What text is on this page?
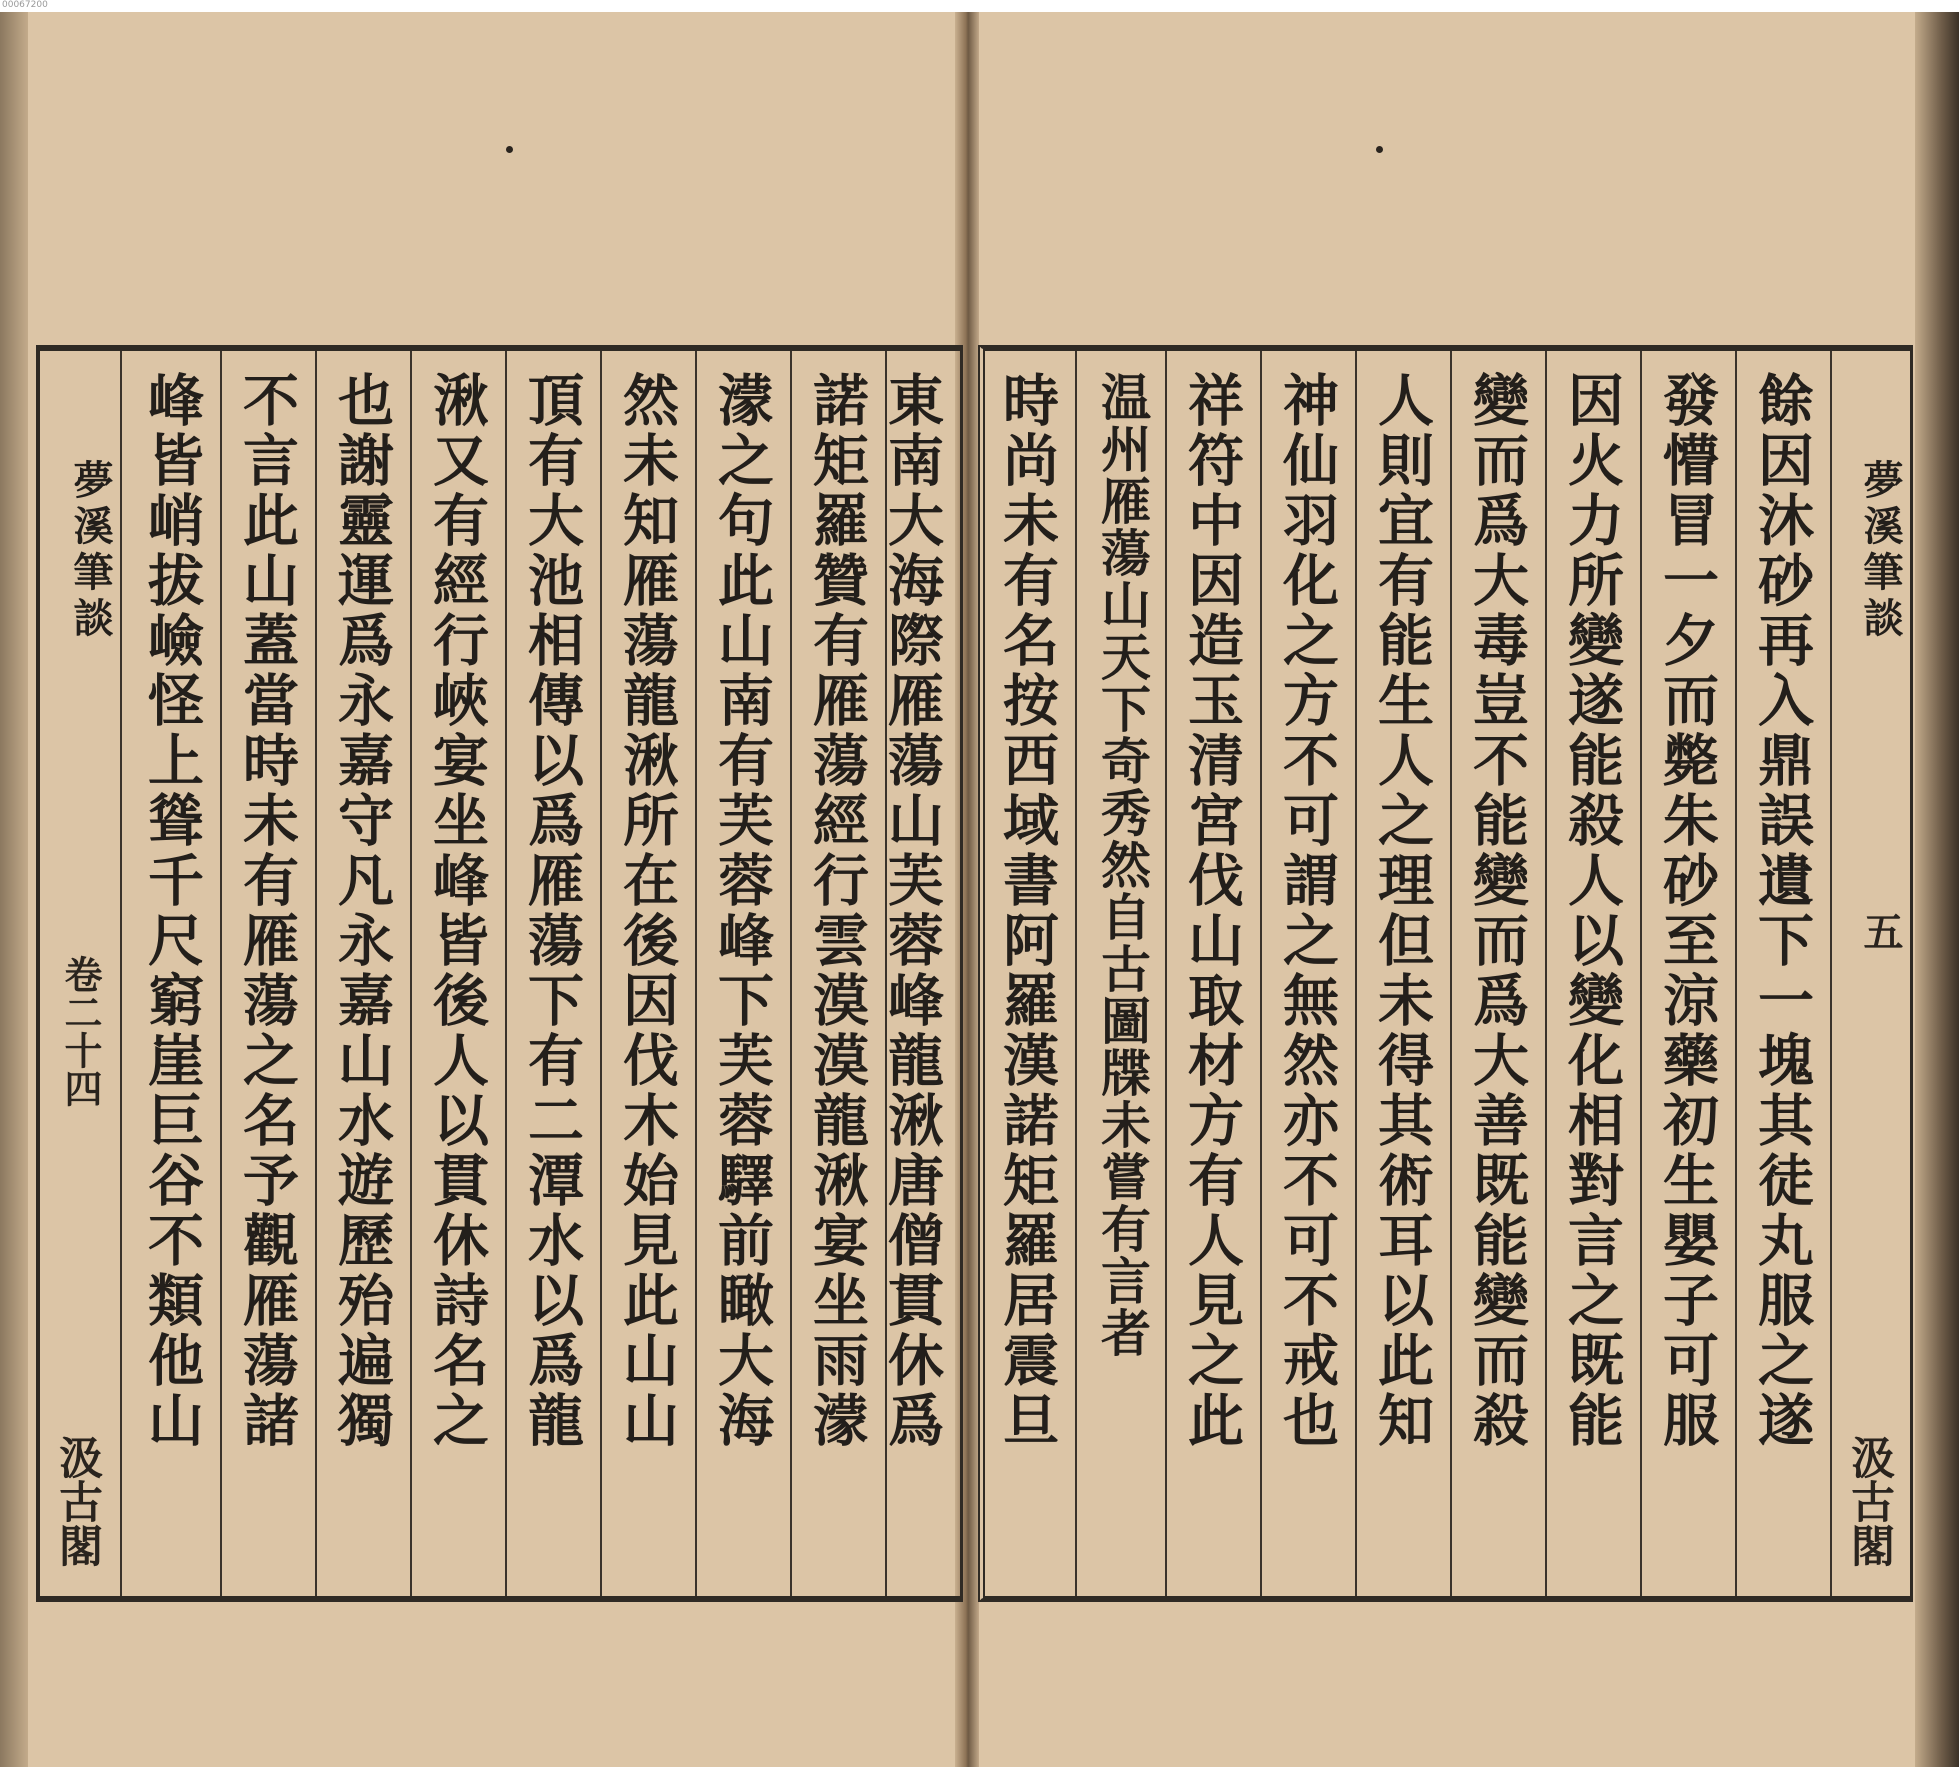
00067200
東南大海際雁蕩山芙蓉峰龍湫唐僧貫休爲
諾矩羅贊有雁蕩經行雲漠漠龍湫宴坐雨濛
濛之句此山南有芙蓉峰下芙蓉驛前瞰大海
然未知雁蕩龍湫所在後因伐木始見此山山
頂有大池相傳以爲雁蕩下有二潭水以爲龍
湫又有經行峽宴坐峰皆後人以貫休詩名之
也謝靈運爲永嘉守凡永嘉山水遊歷殆遍獨
不言此山蓋當時未有雁蕩之名予觀雁蕩諸
峰皆峭拔嶮怪上聳千尺窮崖巨谷不類他山
夢溪筆談
卷二十四
汲古閣
夢溪筆談
五
汲古閣
餘因沐砂再入鼎誤遺下一塊其徒丸服之遂
發懵冒一夕而斃朱砂至涼藥初生嬰子可服
因火力所變遂能殺人以變化相對言之既能
變而爲大毒豈不能變而爲大善既能變而殺
人則宜有能生人之理但未得其術耳以此知
神仙羽化之方不可謂之無然亦不可不戒也
祥符中因造玉清宮伐山取材方有人見之此
温州雁蕩山天下奇秀然自古圖牒未嘗有言者
時尚未有名按西域書阿羅漢諾矩羅居震旦
